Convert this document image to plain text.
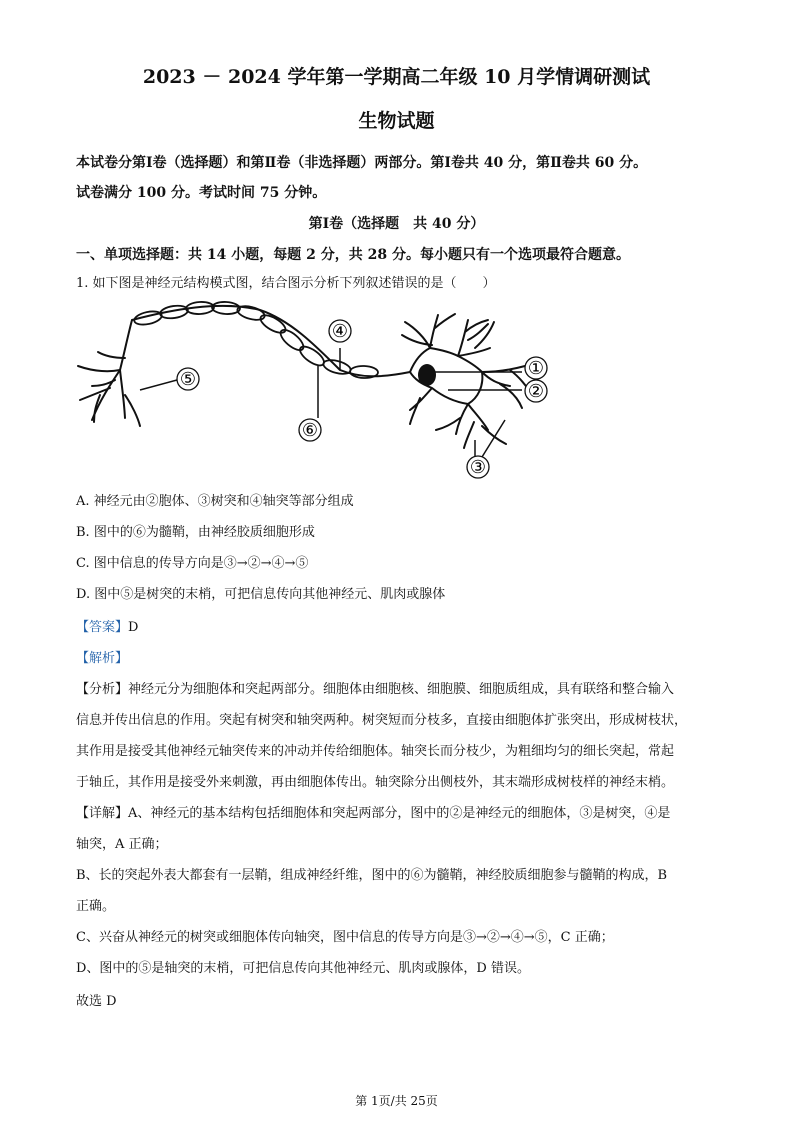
2023 － 2024 学年第一学期高二年级 10 月学情调研测试
生物试题
本试卷分第Ⅰ卷（选择题）和第Ⅱ卷（非选择题）两部分。第Ⅰ卷共 40 分，第Ⅱ卷共 60 分。
试卷满分 100 分。考试时间 75 分钟。
第Ⅰ卷（选择题　共 40 分）
一、单项选择题：共 14 小题，每题 2 分，共 28 分。每小题只有一个选项最符合题意。
1. 如下图是神经元结构模式图，结合图示分析下列叙述错误的是（　　）
①
②
③
④
⑤
⑥
A. 神经元由②胞体、③树突和④轴突等部分组成
B. 图中的⑥为髓鞘，由神经胶质细胞形成
C. 图中信息的传导方向是③→②→④→⑤
D. 图中⑤是树突的末梢，可把信息传向其他神经元、肌肉或腺体
【答案】D
【解析】
【分析】神经元分为细胞体和突起两部分。细胞体由细胞核、细胞膜、细胞质组成，具有联络和整合输入
信息并传出信息的作用。突起有树突和轴突两种。树突短而分枝多，直接由细胞体扩张突出，形成树枝状，
其作用是接受其他神经元轴突传来的冲动并传给细胞体。轴突长而分枝少，为粗细均匀的细长突起，常起
于轴丘，其作用是接受外来刺激，再由细胞体传出。轴突除分出侧枝外，其末端形成树枝样的神经末梢。
【详解】A、神经元的基本结构包括细胞体和突起两部分，图中的②是神经元的细胞体，③是树突，④是
轴突，A 正确；
B、长的突起外表大都套有一层鞘，组成神经纤维，图中的⑥为髓鞘，神经胶质细胞参与髓鞘的构成，B
正确。
C、兴奋从神经元的树突或细胞体传向轴突，图中信息的传导方向是③→②→④→⑤，C 正确；
D、图中的⑤是轴突的末梢，可把信息传向其他神经元、肌肉或腺体，D 错误。
故选 D
第 1页/共 25页
